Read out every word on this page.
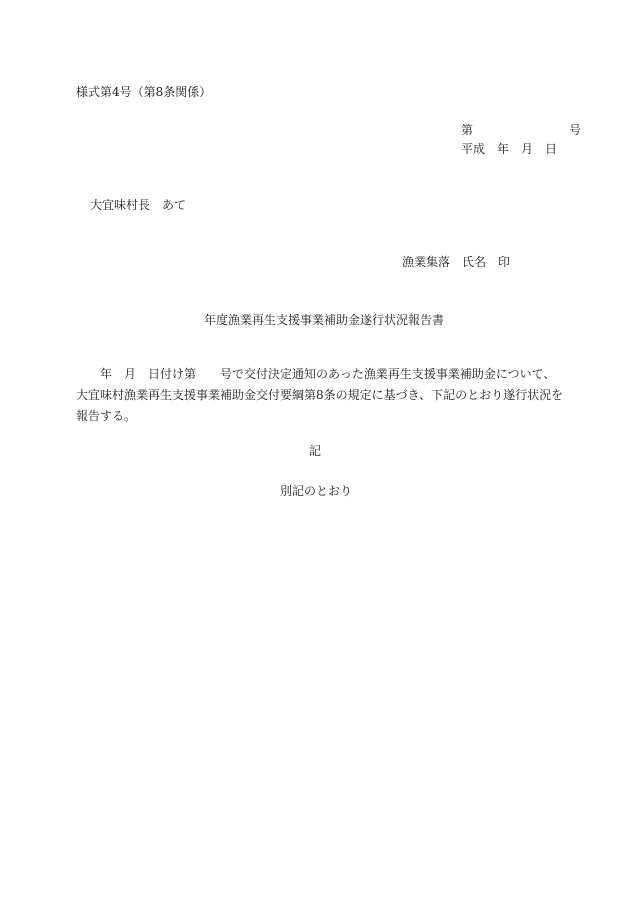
様式第4号（第8条関係）
第　　　　　　　　号
平成　年　月　日
大宜味村長　あて
漁業集落　氏名　印
年度漁業再生支援事業補助金遂行状況報告書
　　年　月　日付け第　　号で交付決定通知のあった漁業再生支援事業補助金について、
大宜味村漁業再生支援事業補助金交付要綱第8条の規定に基づき、下記のとおり遂行状況を
報告する。
記
別記のとおり
